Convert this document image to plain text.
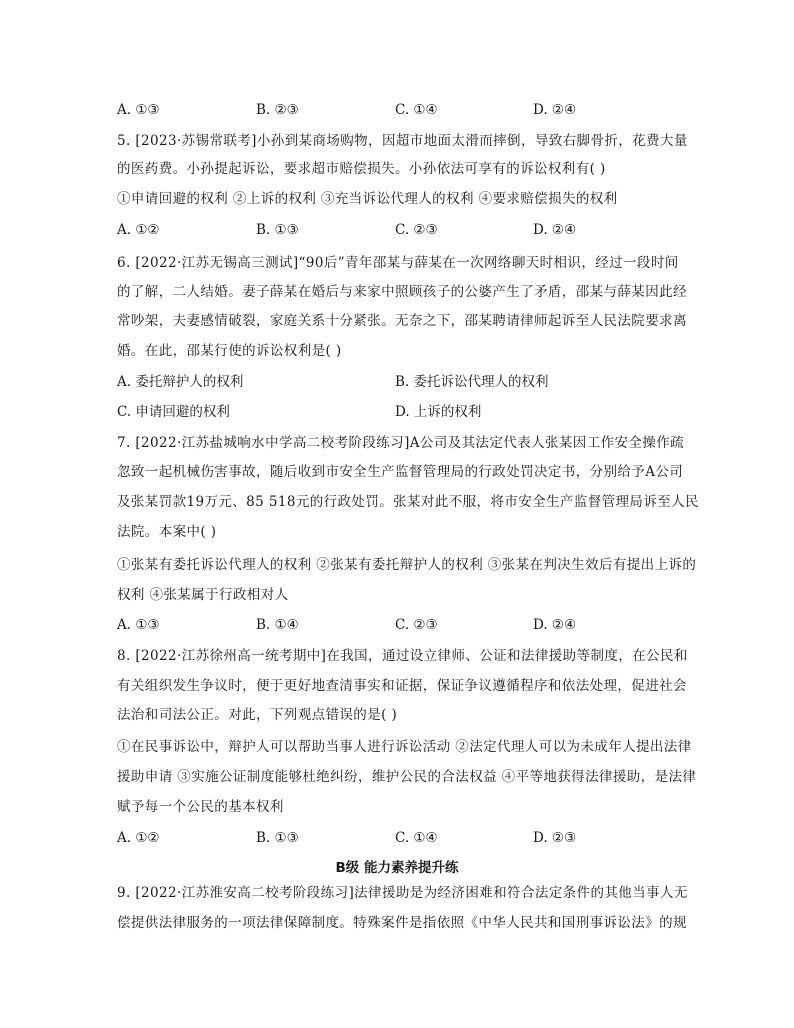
A. ①③	B. ②③	C. ①④	D. ②④
5. [2023·苏锡常联考]小孙到某商场购物，因超市地面太滑而摔倒，导致右脚骨折，花费大量
的医药费。小孙提起诉讼，要求超市赔偿损失。小孙依法可享有的诉讼权利有( )
①申请回避的权利 ②上诉的权利 ③充当诉讼代理人的权利 ④要求赔偿损失的权利
A. ①②	B. ①③	C. ②③	D. ②④
6. [2022·江苏无锡高三测试]“90后”青年邵某与薛某在一次网络聊天时相识，经过一段时间
的了解，二人结婚。妻子薛某在婚后与来家中照顾孩子的公婆产生了矛盾，邵某与薛某因此经
常吵架，夫妻感情破裂，家庭关系十分紧张。无奈之下，邵某聘请律师起诉至人民法院要求离
婚。在此，邵某行使的诉讼权利是( )
A. 委托辩护人的权利	B. 委托诉讼代理人的权利
C. 申请回避的权利	D. 上诉的权利
7. [2022·江苏盐城响水中学高二校考阶段练习]A公司及其法定代表人张某因工作安全操作疏
忽致一起机械伤害事故，随后收到市安全生产监督管理局的行政处罚决定书，分别给予A公司
及张某罚款19万元、85 518元的行政处罚。张某对此不服，将市安全生产监督管理局诉至人民
法院。本案中( )
①张某有委托诉讼代理人的权利 ②张某有委托辩护人的权利 ③张某在判决生效后有提出上诉的
权利 ④张某属于行政相对人
A. ①③	B. ①④	C. ②③	D. ②④
8. [2022·江苏徐州高一统考期中]在我国，通过设立律师、公证和法律援助等制度，在公民和
有关组织发生争议时，便于更好地查清事实和证据，保证争议遵循程序和依法处理，促进社会
法治和司法公正。对此，下列观点错误的是( )
①在民事诉讼中，辩护人可以帮助当事人进行诉讼活动 ②法定代理人可以为未成年人提出法律
援助申请 ③实施公证制度能够杜绝纠纷，维护公民的合法权益 ④平等地获得法律援助，是法律
赋予每一个公民的基本权利
A. ①②	B. ①③	C. ①④	D. ②③
B级 能力素养提升练
9. [2022·江苏淮安高二校考阶段练习]法律援助是为经济困难和符合法定条件的其他当事人无
偿提供法律服务的一项法律保障制度。特殊案件是指依照《中华人民共和国刑事诉讼法》的规
